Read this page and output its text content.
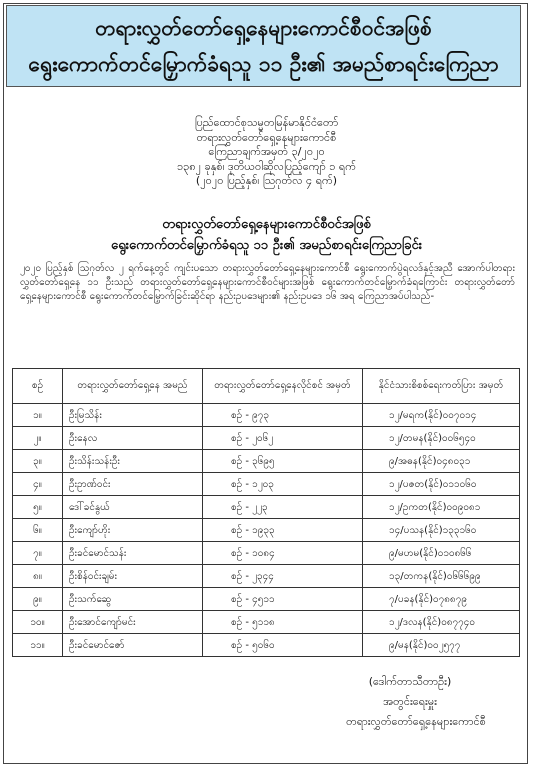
တရားလွှတ်တော်ရှေ့နေများကောင်စီဝင်အဖြစ်
ရွေးကောက်တင်မြှောက်ခံရသူ ၁၁ ဦး၏ အမည်စာရင်းကြေညာ
ပြည်ထောင်စုသမ္မတမြန်မာနိုင်ငံတော်
တရားလွှတ်တော်ရှေ့နေများကောင်စီ
ကြေညာချက်အမှတ် ၃/၂၀၂၀
၁၃၈၂ ခုနှစ်၊ ဒုတိယဝါဆိုလပြည့်ကျော် ၁ ရက်
(၂၀၂၀ ပြည့်နှစ်၊ ဩဂုတ်လ ၄ ရက်)
တရားလွှတ်တော်ရှေ့နေများကောင်စီဝင်အဖြစ်
ရွေးကောက်တင်မြှောက်ခံရသူ ၁၁ ဦး၏ အမည်စာရင်းကြေညာခြင်း
၂၀၂၀ ပြည့်နှစ် ဩဂုတ်လ ၂ ရက်နေ့တွင် ကျင်းပသော တရားလွှတ်တော်ရှေ့နေများကောင်စီ ရွေးကောက်ပွဲရလဒ်နှင့်အညီ အောက်ပါတရားလွှတ်တော်ရှေ့နေ ၁၁ ဦးသည် တရားလွှတ်တော်ရှေ့နေများကောင်စီဝင်များအဖြစ် ရွေးကောက်တင်မြှောက်ခံရကြောင်း တရားလွှတ်တော်ရှေ့နေများကောင်စီ ရွေးကောက်တင်မြှောက်ခြင်းဆိုင်ရာ နည်းဥပဒေများ၏ နည်းဥပဒေ ၁၆ အရ ကြေညာအပ်ပါသည်-
စဉ်	တရားလွှတ်တော်ရှေ့နေ အမည်	တရားလွှတ်တော်ရှေ့နေလိုင်စင် အမှတ်	နိုင်ငံသားစိစစ်ရေးကတ်ပြား အမှတ်
၁။	ဦးမြသိန်း	စဉ် - ၉၇၃	၁၂/မရက(နိုင်)၀၀၇၀၁၄
၂။	ဦးနေလ	စဉ် - ၂၀၆၂	၁၂/တမန(နိုင်)၀၀၆၅၄၀
၃။	ဦးသိန်းသန်းဦး	စဉ် - ၃၆၉၅	၉/အဓန(နိုင်)၀၄၈၀၃၁
၄။	ဦးဥာဏ်ဝင်း	စဉ် - ၁၂၀၃	၁၂/ပဇတ(နိုင်)၀၁၁၀၆၀
၅။	ဒေါ်ခင်နွယ်	စဉ် - ၂၂၃	၁၂/ဥကတ(နိုင်)၀၀၉၀၈၁
၆။	ဦးကျော်ဟိုး	စဉ် - ၁၉၃၃	၁၄/ပသန(နိုင်)၁၃၃၁၆၀
၇။	ဦးခင်မောင်သန်း	စဉ် - ၁၀၈၄	၉/မဟမ(နိုင်)၀၁၀၈၆၆
၈။	ဦးစိန်ဝင်းချမ်း	စဉ် - ၂၃၄၄	၁၃/တကန(နိုင်)၀၆၆၆၉၉
၉။	ဦးသက်ဆွေ	စဉ် - ၄၅၁၁	၇/ပခန(နိုင်)၀၇၈၈၇၉
၁၀။	ဦးအောင်ကျော်မင်း	စဉ် - ၅၁၁၈	၁၂/ဒလန(နိုင်)၀၈၇၇၄၀
၁၁။	ဦးခင်မောင်ဇော်	စဉ် - ၅၀၆၀	၉/မန(နိုင်)၀၀၂၅၇၇
(ဒေါက်တာသီတာဦး)
အတွင်းရေးမှူး
တရားလွှတ်တော်ရှေ့နေများကောင်စီ
